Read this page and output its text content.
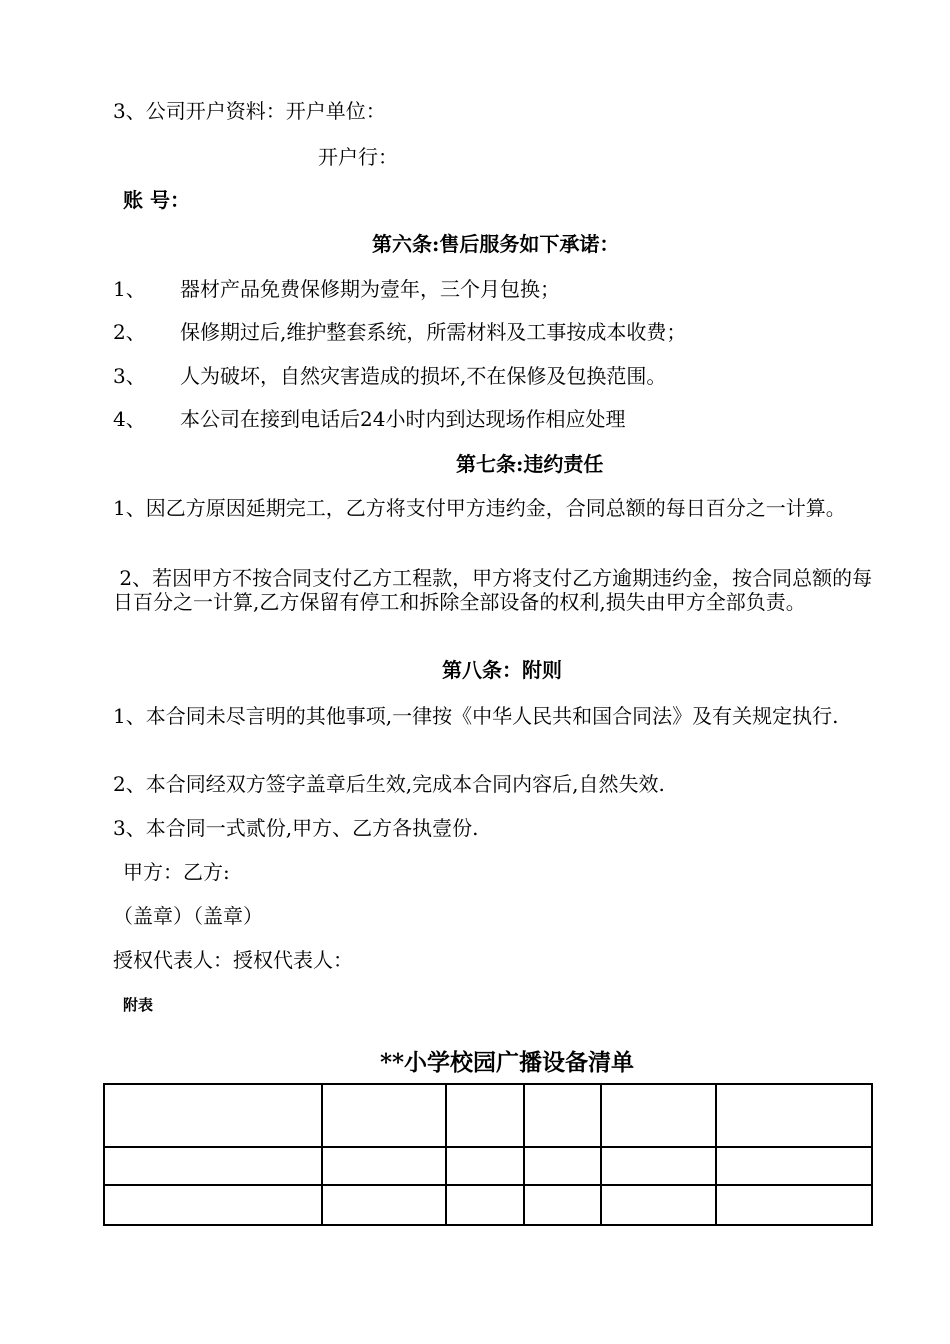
3、公司开户资料：开户单位：
开户行：
账 号：
第六条:售后服务如下承诺：
1、 器材产品免费保修期为壹年，三个月包换；
2、 保修期过后,维护整套系统，所需材料及工事按成本收费；
3、 人为破坏，自然灾害造成的损坏,不在保修及包换范围。
4、 本公司在接到电话后24小时内到达现场作相应处理
第七条:违约责任
1、因乙方原因延期完工，乙方将支付甲方违约金，合同总额的每日百分之一计算。
2、若因甲方不按合同支付乙方工程款，甲方将支付乙方逾期违约金，按合同总额的每日百分之一计算,乙方保留有停工和拆除全部设备的权利,损失由甲方全部负责。
第八条：附则
1、本合同未尽言明的其他事项,一律按《中华人民共和国合同法》及有关规定执行.
2、本合同经双方签字盖章后生效,完成本合同内容后,自然失效.
3、本合同一式贰份,甲方、乙方各执壹份.
甲方：乙方:
（盖章）（盖章）
授权代表人：授权代表人：
附表
**小学校园广播设备清单
